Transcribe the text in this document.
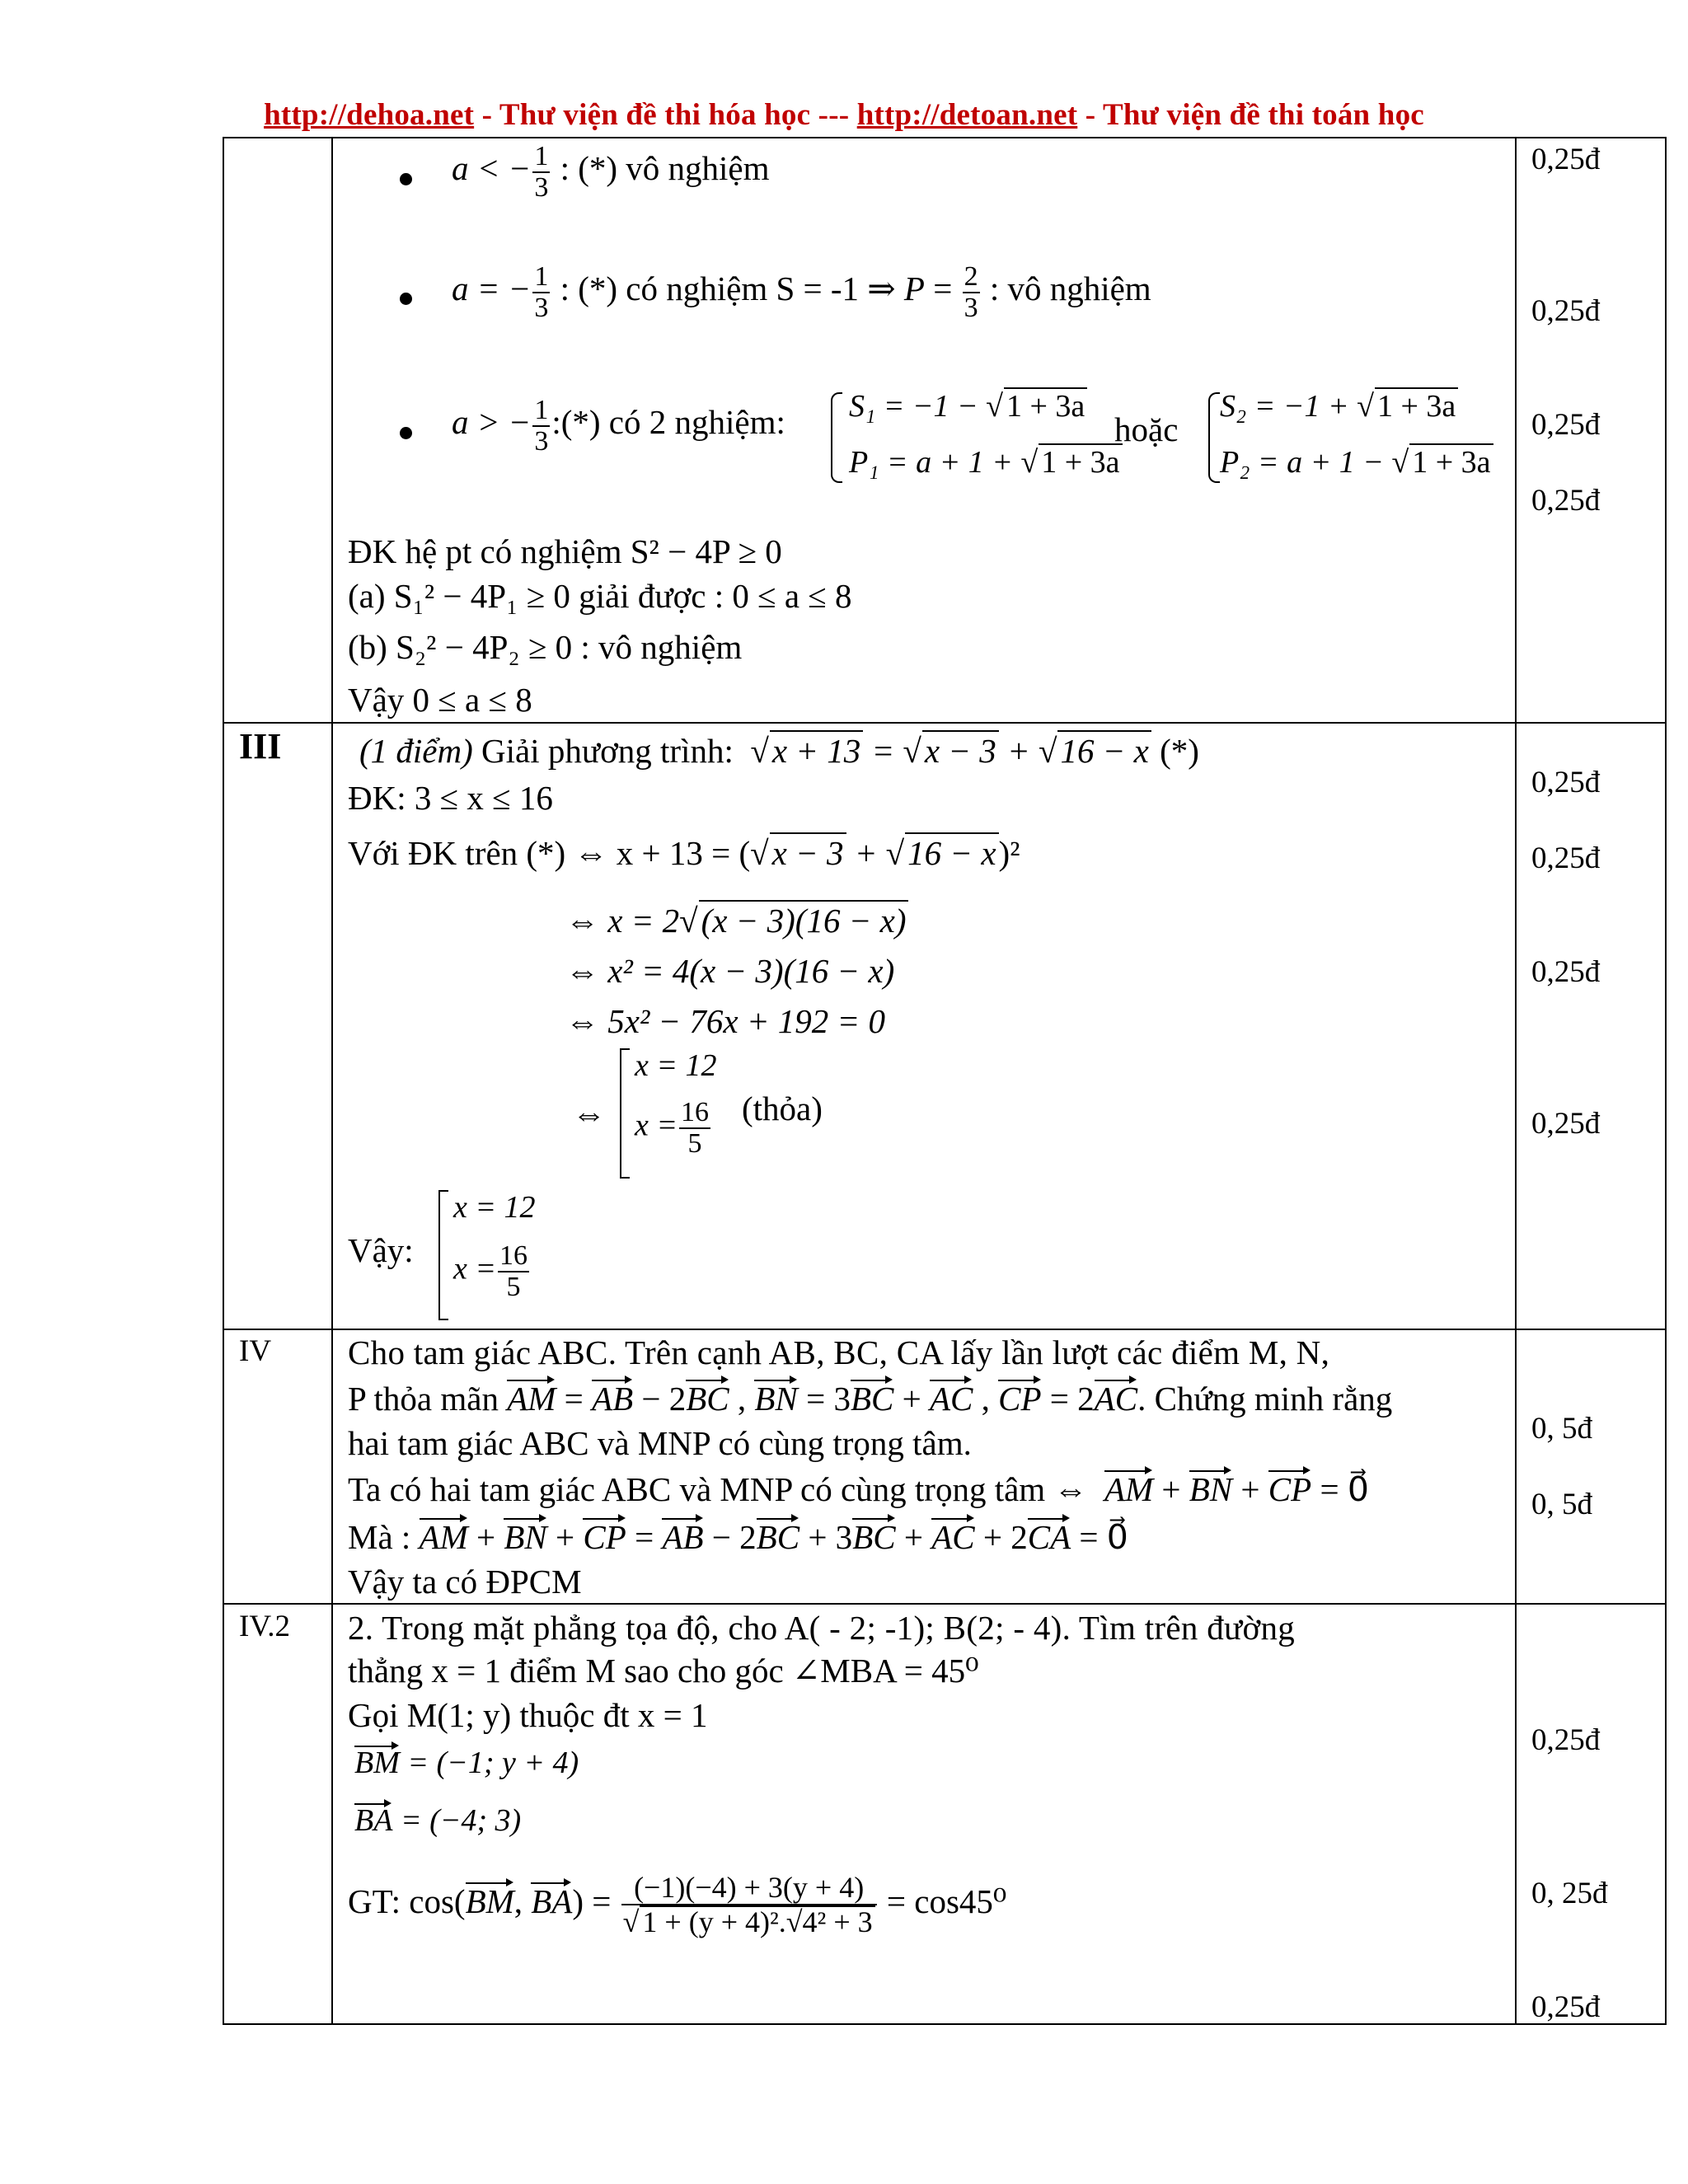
http://dehoa.net - Thư viện đề thi hóa học --- http://detoan.net - Thư viện đề thi toán học
III
IV
IV.2
a < − $\frac{1}{3}$ : (*) vô nghiệm
a = − $\frac{1}{3}$ : (*) có nghiệm S = -1 ⇒ $P = \frac{2}{3}$ : vô nghiệm
a > − $\frac{1}{3}$ :(*) có 2 nghiệm: S₁ = −1 − √ 1 + 3a
P₁ = a + 1 + √ 1 + 3a
hoặc
S₂ = −1 + √ 1 + 3a
P₂ = a + 1 − √ 1 + 3a
ĐK hệ pt có nghiệm S² − 4P ≥ 0
(a) S₁² − 4P₁ ≥ 0 giải được : 0 ≤ a ≤ 8
(b) S₂² − 4P₂ ≥ 0 : vô nghiệm
Vậy 0 ≤ a ≤ 8
(1 điểm) Giải phương trình:  √x + 13 = √x − 3 + √16 − x (*)
ĐK: 3 ≤ x ≤ 16
Với ĐK trên (*) ⇔ x + 13 = (√x − 3 + √16 − x)²
⇔ x = 2√(x − 3)(16 − x)
⇔ x² = 4(x − 3)(16 − x)
⇔ 5x² − 76x + 192 = 0
⇔
x = 12
$x = \frac{16}{5}$ (thỏa)
Vậy:
x = 12
$x = \frac{16}{5}$
Cho tam giác ABC. Trên cạnh AB, BC, CA lấy lần lượt các điểm M, N,
P thỏa mãn AM = AB − 2BC , BN = 3BC + AC , CP = 2AC. Chứng minh rằng
hai tam giác ABC và MNP có cùng trọng tâm.
Ta có hai tam giác ABC và MNP có cùng trọng tâm ⇔ AM + BN + CP = 0⃗
Mà : AM + BN + CP = AB − 2BC + 3BC + AC + 2CA = 0⃗
Vậy ta có ĐPCM
2. Trong mặt phẳng tọa độ, cho A( - 2; -1); B(2; - 4). Tìm trên đường
thẳng x = 1 điểm M sao cho góc ∠MBA = 45⁰
Gọi M(1; y) thuộc đt x = 1
BM = (−1; y + 4)
BA = (−4; 3)
GT: cos(BM, $BA) = \frac{(-1)(-4) + 3(y + 4)}{\text{√ 1 + (y + 4)².√4² + 3}} = \cos 45^0$
0,25đ
0,25đ
0,25đ
0,25đ
0,25đ
0,25đ
0,25đ
0,25đ
0, 5đ
0, 5đ
0,25đ
0, 25đ
0,25đ
